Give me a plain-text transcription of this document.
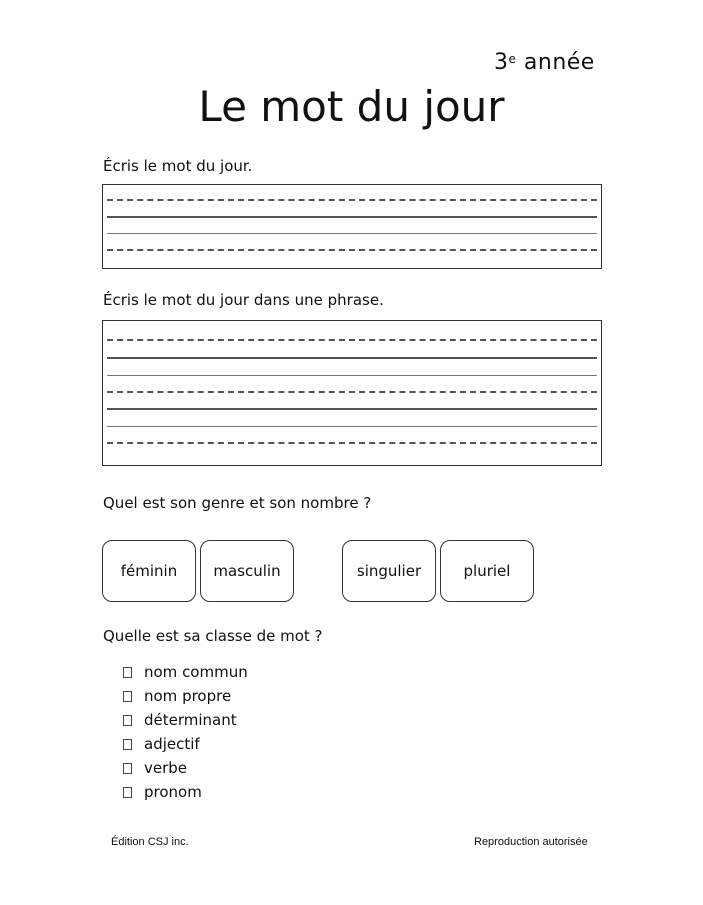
3e année
Le mot du jour
Écris le mot du jour.
Écris le mot du jour dans une phrase.
Quel est son genre et son nombre ?
féminin	masculin	singulier	pluriel
Quelle est sa classe de mot ?
nom commun
nom propre
déterminant
adjectif
verbe
pronom
Édition CSJ inc.	Reproduction autorisée
